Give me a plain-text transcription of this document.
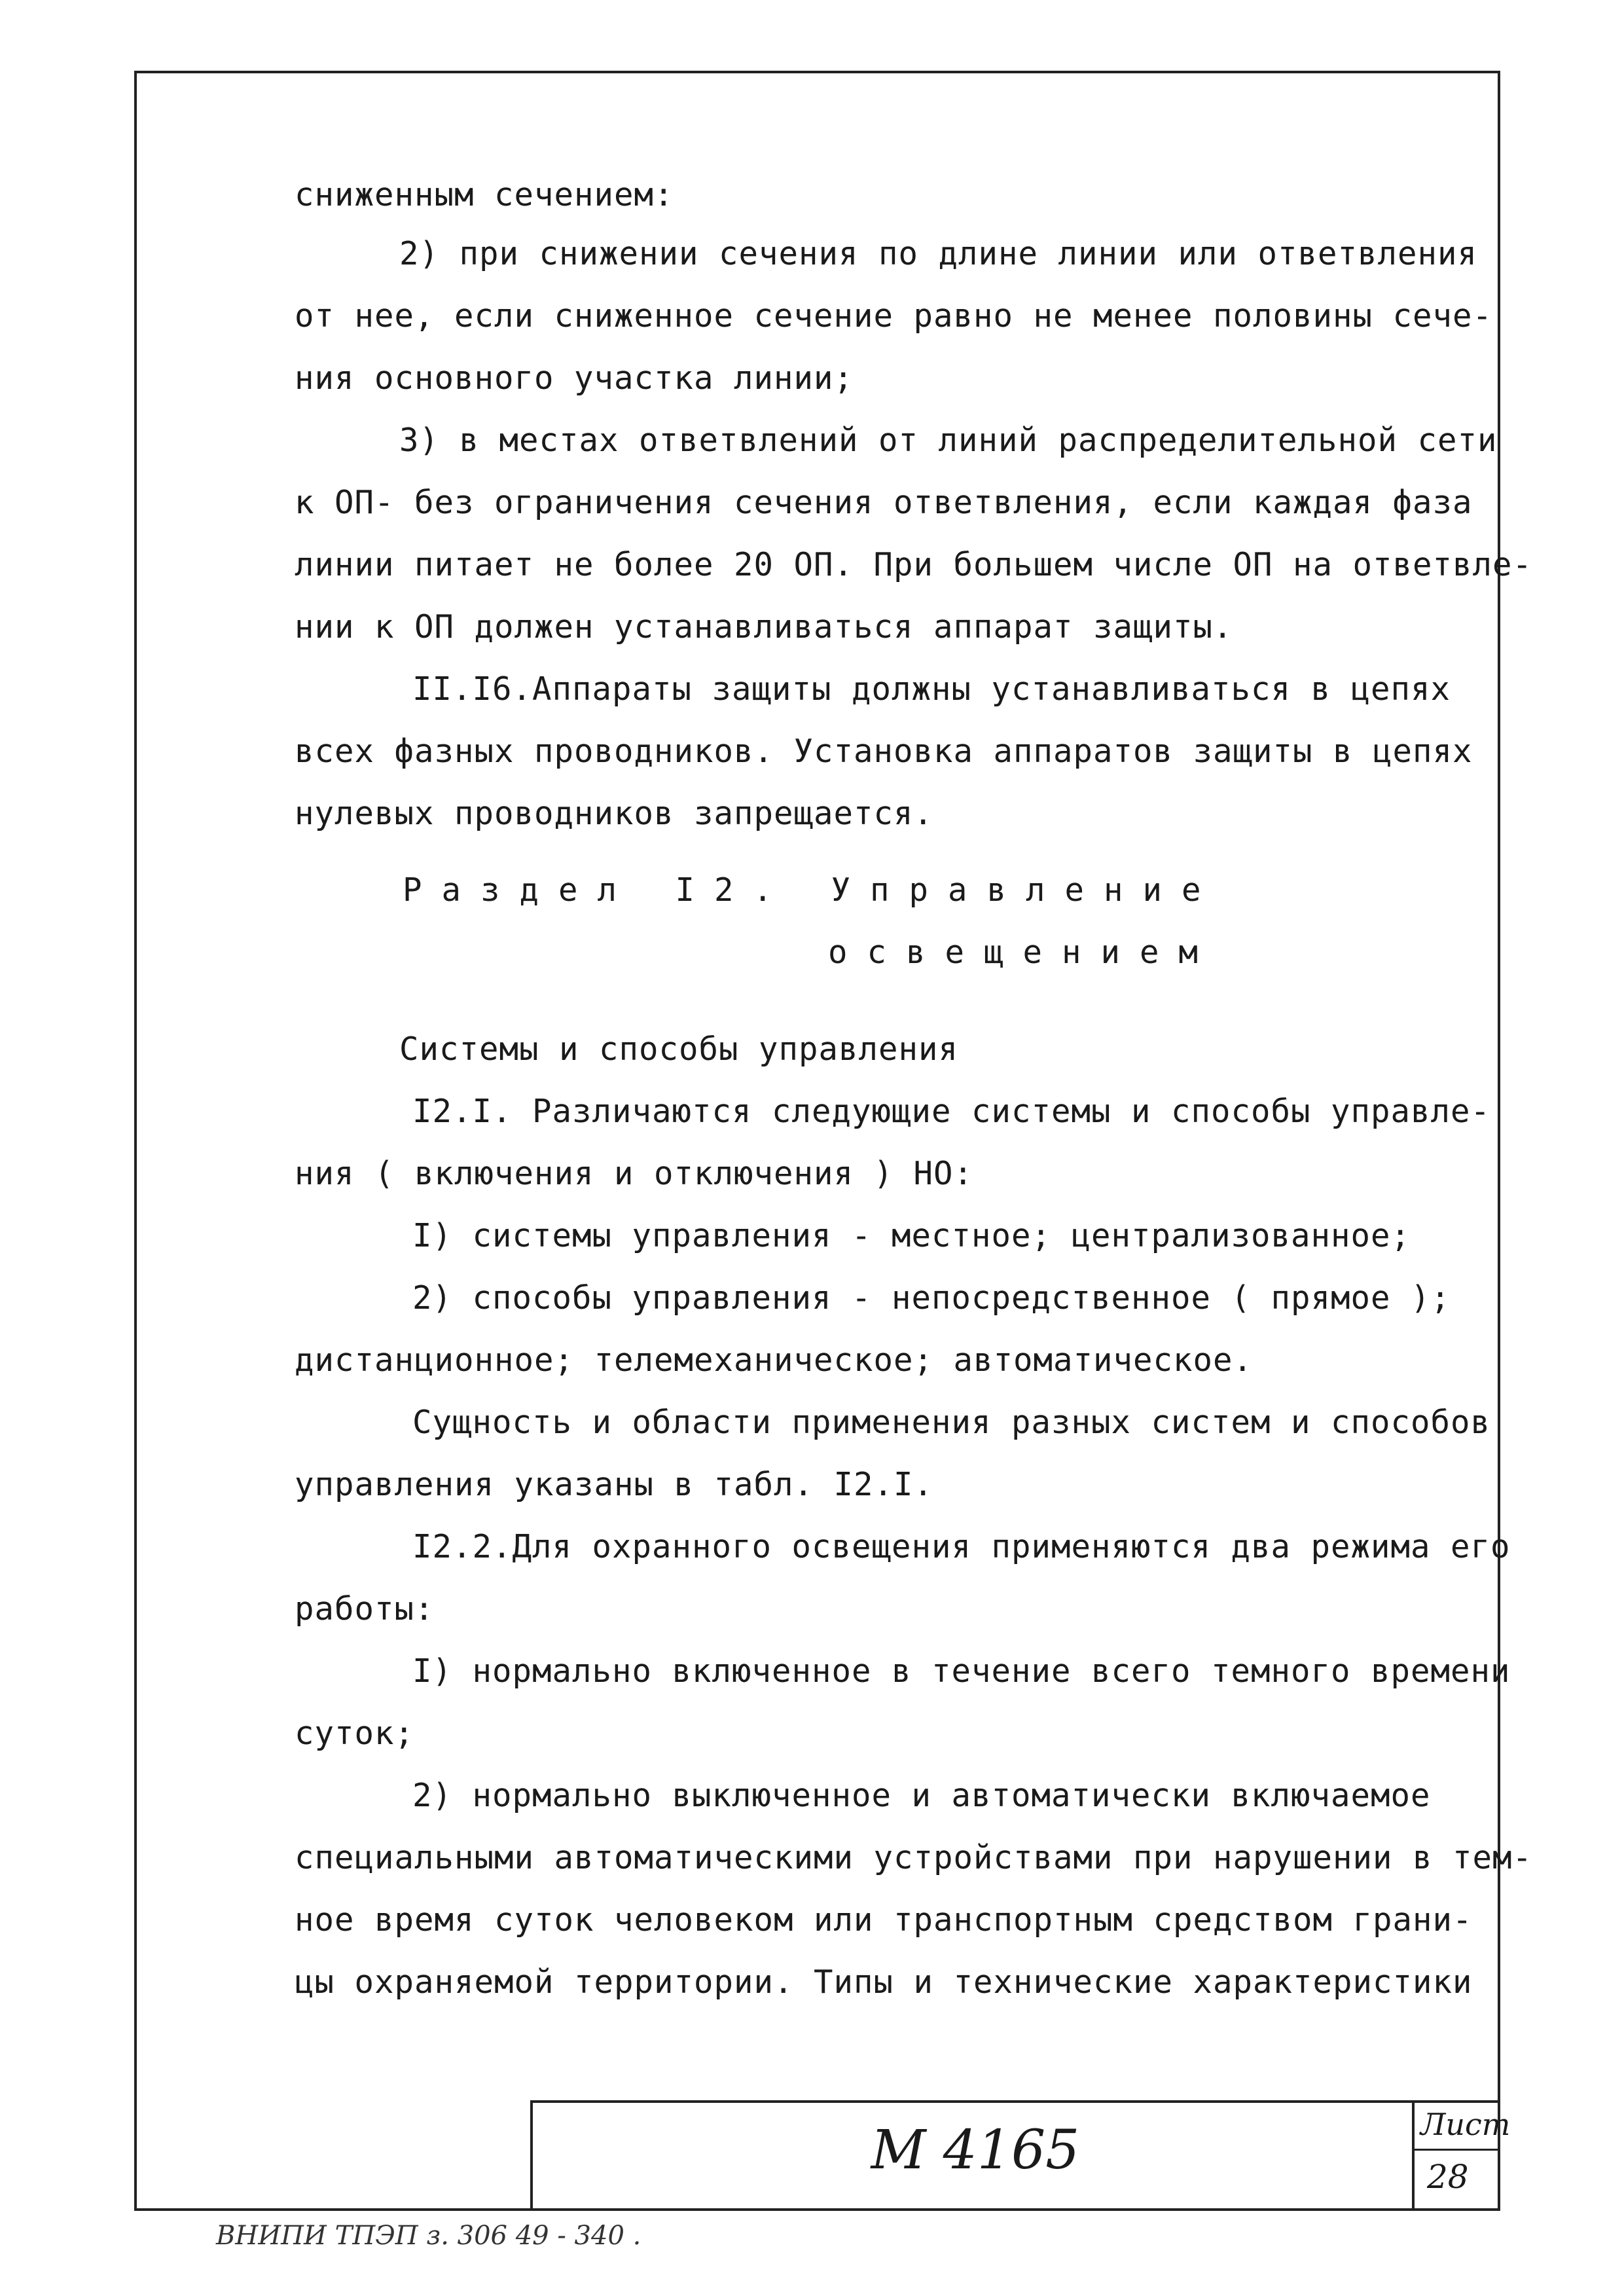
сниженным сечением:
2) при снижении сечения по длине линии или ответвления
от нее, если сниженное сечение равно не менее половины сече-
ния основного участка линии;
3) в местах ответвлений от линий распределительной сети
к ОП- без ограничения сечения ответвления, если каждая фаза
линии питает не более 20 ОП. При большем числе ОП на ответвле-
нии к ОП должен устанавливаться аппарат защиты.
II.I6.Аппараты защиты должны устанавливаться в цепях
всех фазных проводников. Установка аппаратов защиты в цепях
нулевых проводников запрещается.
Раздел I2. Управление
освещением
Системы и способы управления
I2.I. Различаются следующие системы и способы управле-
ния ( включения и отключения ) НО:
I) системы управления - местное; централизованное;
2) способы управления - непосредственное ( прямое );
дистанционное; телемеханическое; автоматическое.
Сущность и области применения разных систем и способов
управления указаны в табл. I2.I.
I2.2.Для охранного освещения применяются два режима его
работы:
I) нормально включенное в течение всего темного времени
суток;
2) нормально выключенное и автоматически включаемое
специальными автоматическими устройствами при нарушении в тем-
ное время суток человеком или транспортным средством грани-
цы охраняемой территории. Типы и технические характеристики
М 4165	Лист
28
ВНИПИ ТПЭП з. 306 49 - 340 .
